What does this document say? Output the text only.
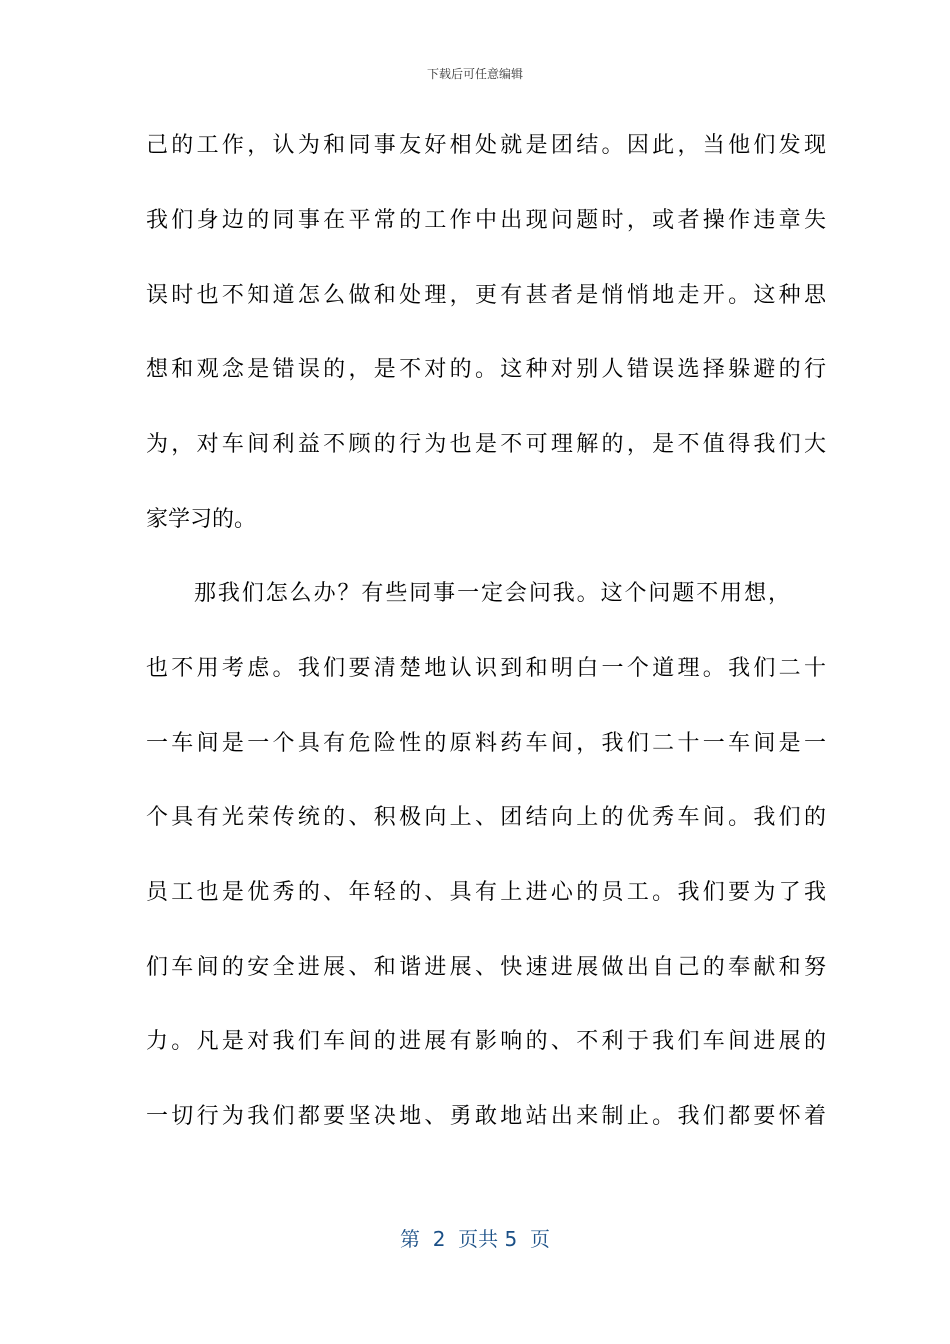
下载后可任意编辑
己的工作，认为和同事友好相处就是团结。因此，当他们发现
我们身边的同事在平常的工作中出现问题时，或者操作违章失
误时也不知道怎么做和处理，更有甚者是悄悄地走开。这种思
想和观念是错误的，是不对的。这种对别人错误选择躲避的行
为，对车间利益不顾的行为也是不可理解的，是不值得我们大
家学习的。
那我们怎么办？有些同事一定会问我。这个问题不用想，
也不用考虑。我们要清楚地认识到和明白一个道理。我们二十
一车间是一个具有危险性的原料药车间，我们二十一车间是一
个具有光荣传统的、积极向上、团结向上的优秀车间。我们的
员工也是优秀的、年轻的、具有上进心的员工。我们要为了我
们车间的安全进展、和谐进展、快速进展做出自己的奉献和努
力。凡是对我们车间的进展有影响的、不利于我们车间进展的
一切行为我们都要坚决地、勇敢地站出来制止。我们都要怀着
第  2  页共 5  页
